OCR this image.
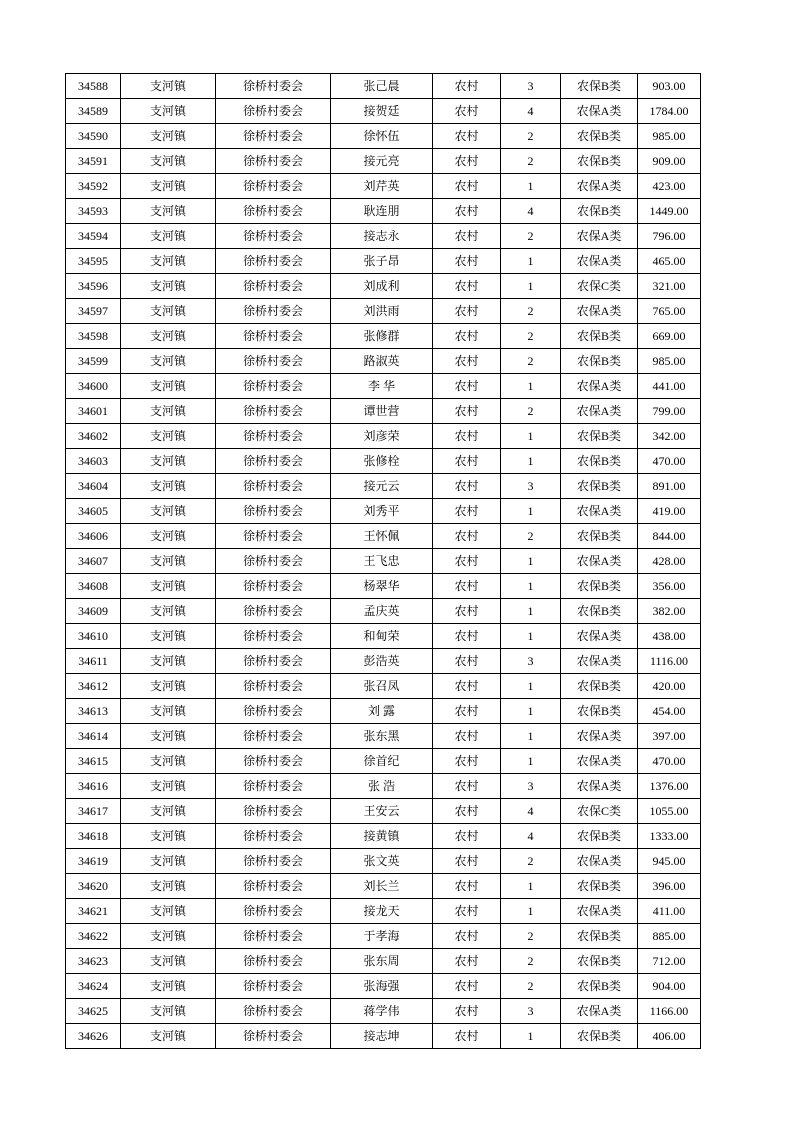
34588	支河镇	徐桥村委会	张己晨	农村	3	农保B类	903.00
34589	支河镇	徐桥村委会	接贺廷	农村	4	农保A类	1784.00
34590	支河镇	徐桥村委会	徐怀伍	农村	2	农保B类	985.00
34591	支河镇	徐桥村委会	接元亮	农村	2	农保B类	909.00
34592	支河镇	徐桥村委会	刘芹英	农村	1	农保A类	423.00
34593	支河镇	徐桥村委会	耿连朋	农村	4	农保B类	1449.00
34594	支河镇	徐桥村委会	接志永	农村	2	农保A类	796.00
34595	支河镇	徐桥村委会	张子昂	农村	1	农保A类	465.00
34596	支河镇	徐桥村委会	刘成利	农村	1	农保C类	321.00
34597	支河镇	徐桥村委会	刘洪雨	农村	2	农保A类	765.00
34598	支河镇	徐桥村委会	张修群	农村	2	农保B类	669.00
34599	支河镇	徐桥村委会	路淑英	农村	2	农保B类	985.00
34600	支河镇	徐桥村委会	李 华	农村	1	农保A类	441.00
34601	支河镇	徐桥村委会	谭世营	农村	2	农保A类	799.00
34602	支河镇	徐桥村委会	刘彦荣	农村	1	农保B类	342.00
34603	支河镇	徐桥村委会	张修栓	农村	1	农保B类	470.00
34604	支河镇	徐桥村委会	接元云	农村	3	农保B类	891.00
34605	支河镇	徐桥村委会	刘秀平	农村	1	农保A类	419.00
34606	支河镇	徐桥村委会	王怀佩	农村	2	农保B类	844.00
34607	支河镇	徐桥村委会	王飞忠	农村	1	农保A类	428.00
34608	支河镇	徐桥村委会	杨翠华	农村	1	农保B类	356.00
34609	支河镇	徐桥村委会	孟庆英	农村	1	农保B类	382.00
34610	支河镇	徐桥村委会	和甸荣	农村	1	农保A类	438.00
34611	支河镇	徐桥村委会	彭浩英	农村	3	农保A类	1116.00
34612	支河镇	徐桥村委会	张召凤	农村	1	农保B类	420.00
34613	支河镇	徐桥村委会	刘 露	农村	1	农保B类	454.00
34614	支河镇	徐桥村委会	张东黑	农村	1	农保A类	397.00
34615	支河镇	徐桥村委会	徐首纪	农村	1	农保A类	470.00
34616	支河镇	徐桥村委会	张 浩	农村	3	农保A类	1376.00
34617	支河镇	徐桥村委会	王安云	农村	4	农保C类	1055.00
34618	支河镇	徐桥村委会	接黄镇	农村	4	农保B类	1333.00
34619	支河镇	徐桥村委会	张文英	农村	2	农保A类	945.00
34620	支河镇	徐桥村委会	刘长兰	农村	1	农保B类	396.00
34621	支河镇	徐桥村委会	接龙天	农村	1	农保A类	411.00
34622	支河镇	徐桥村委会	于孝海	农村	2	农保B类	885.00
34623	支河镇	徐桥村委会	张东周	农村	2	农保B类	712.00
34624	支河镇	徐桥村委会	张海强	农村	2	农保B类	904.00
34625	支河镇	徐桥村委会	蒋学伟	农村	3	农保A类	1166.00
34626	支河镇	徐桥村委会	接志坤	农村	1	农保B类	406.00
